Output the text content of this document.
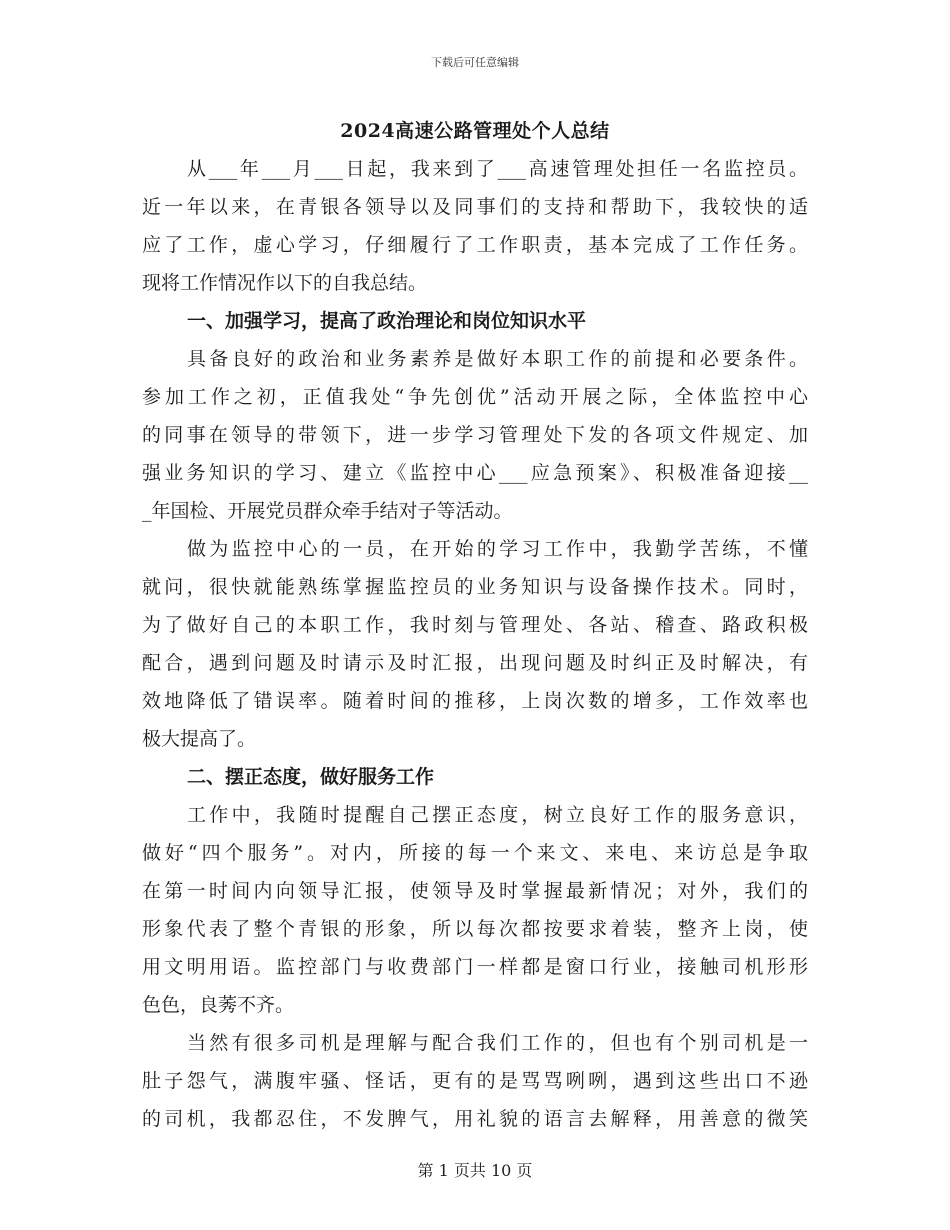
下载后可任意编辑
2024高速公路管理处个人总结
从___年___月___日起，我来到了___高速管理处担任一名监控员。
近一年以来，在青银各领导以及同事们的支持和帮助下，我较快的适
应了工作，虚心学习，仔细履行了工作职责，基本完成了工作任务。
现将工作情况作以下的自我总结。
一、加强学习，提高了政治理论和岗位知识水平
具备良好的政治和业务素养是做好本职工作的前提和必要条件。
参加工作之初，正值我处“争先创优”活动开展之际，全体监控中心
的同事在领导的带领下，进一步学习管理处下发的各项文件规定、加
强业务知识的学习、建立《监控中心___应急预案》、积极准备迎接__
_年国检、开展党员群众牵手结对子等活动。
做为监控中心的一员，在开始的学习工作中，我勤学苦练，不懂
就问，很快就能熟练掌握监控员的业务知识与设备操作技术。同时，
为了做好自己的本职工作，我时刻与管理处、各站、稽查、路政积极
配合，遇到问题及时请示及时汇报，出现问题及时纠正及时解决，有
效地降低了错误率。随着时间的推移，上岗次数的增多，工作效率也
极大提高了。
二、摆正态度，做好服务工作
工作中，我随时提醒自己摆正态度，树立良好工作的服务意识，
做好“四个服务”。对内，所接的每一个来文、来电、来访总是争取
在第一时间内向领导汇报，使领导及时掌握最新情况；对外，我们的
形象代表了整个青银的形象，所以每次都按要求着装，整齐上岗，使
用文明用语。监控部门与收费部门一样都是窗口行业，接触司机形形
色色，良莠不齐。
当然有很多司机是理解与配合我们工作的，但也有个别司机是一
肚子怨气，满腹牢骚、怪话，更有的是骂骂咧咧，遇到这些出口不逊
的司机，我都忍住，不发脾气，用礼貌的语言去解释，用善意的微笑
第 1 页共 10 页
